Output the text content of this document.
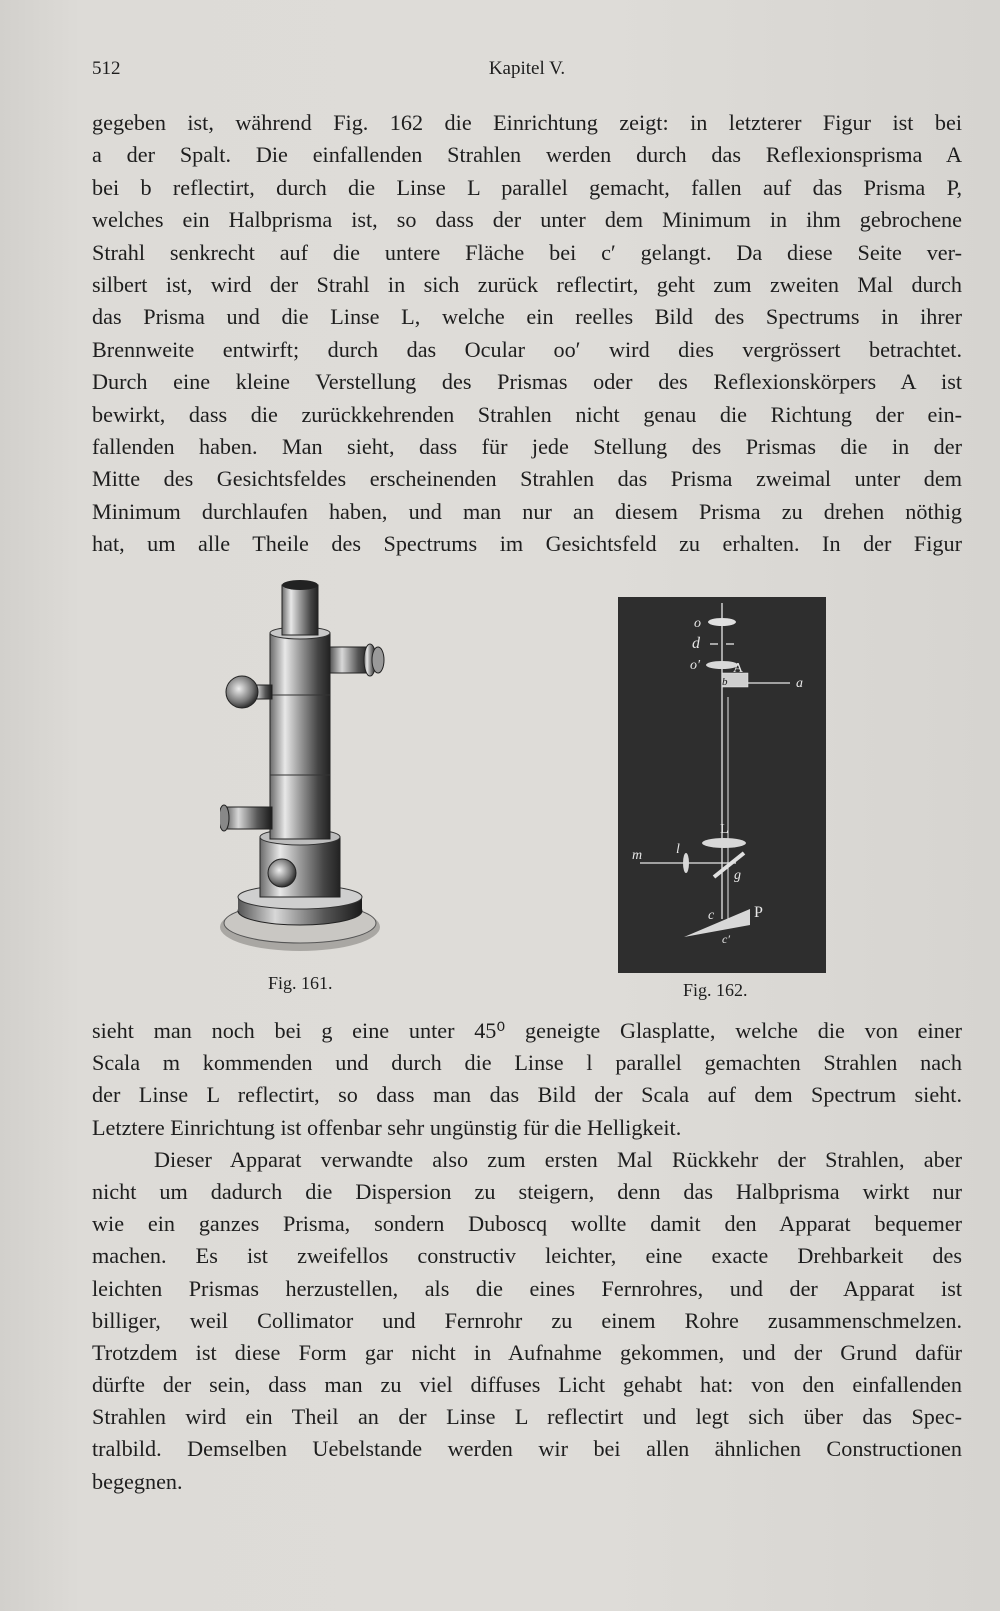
512	Kapitel V.
gegeben ist, während Fig. 162 die Einrichtung zeigt: in letzterer Figur ist bei
a der Spalt. Die einfallenden Strahlen werden durch das Reflexionsprisma A
bei b reflectirt, durch die Linse L parallel gemacht, fallen auf das Prisma P,
welches ein Halbprisma ist, so dass der unter dem Minimum in ihm gebrochene
Strahl senkrecht auf die untere Fläche bei c′ gelangt. Da diese Seite ver-
silbert ist, wird der Strahl in sich zurück reflectirt, geht zum zweiten Mal durch
das Prisma und die Linse L, welche ein reelles Bild des Spectrums in ihrer
Brennweite entwirft; durch das Ocular oo′ wird dies vergrössert betrachtet.
Durch eine kleine Verstellung des Prismas oder des Reflexionskörpers A ist
bewirkt, dass die zurückkehrenden Strahlen nicht genau die Richtung der ein-
fallenden haben. Man sieht, dass für jede Stellung des Prismas die in der
Mitte des Gesichtsfeldes erscheinenden Strahlen das Prisma zweimal unter dem
Minimum durchlaufen haben, und man nur an diesem Prisma zu drehen nöthig
hat, um alle Theile des Spectrums im Gesichtsfeld zu erhalten. In der Figur
Fig. 161.
o
d
o′ A
b	a
L
m l
g
c P
c′
Fig. 162.
sieht man noch bei g eine unter 45⁰ geneigte Glasplatte, welche die von einer
Scala m kommenden und durch die Linse l parallel gemachten Strahlen nach
der Linse L reflectirt, so dass man das Bild der Scala auf dem Spectrum sieht.
Letztere Einrichtung ist offenbar sehr ungünstig für die Helligkeit.
Dieser Apparat verwandte also zum ersten Mal Rückkehr der Strahlen, aber
nicht um dadurch die Dispersion zu steigern, denn das Halbprisma wirkt nur
wie ein ganzes Prisma, sondern Duboscq wollte damit den Apparat bequemer
machen. Es ist zweifellos constructiv leichter, eine exacte Drehbarkeit des
leichten Prismas herzustellen, als die eines Fernrohres, und der Apparat ist
billiger, weil Collimator und Fernrohr zu einem Rohre zusammenschmelzen.
Trotzdem ist diese Form gar nicht in Aufnahme gekommen, und der Grund dafür
dürfte der sein, dass man zu viel diffuses Licht gehabt hat: von den einfallenden
Strahlen wird ein Theil an der Linse L reflectirt und legt sich über das Spec-
tralbild. Demselben Uebelstande werden wir bei allen ähnlichen Constructionen
begegnen.
